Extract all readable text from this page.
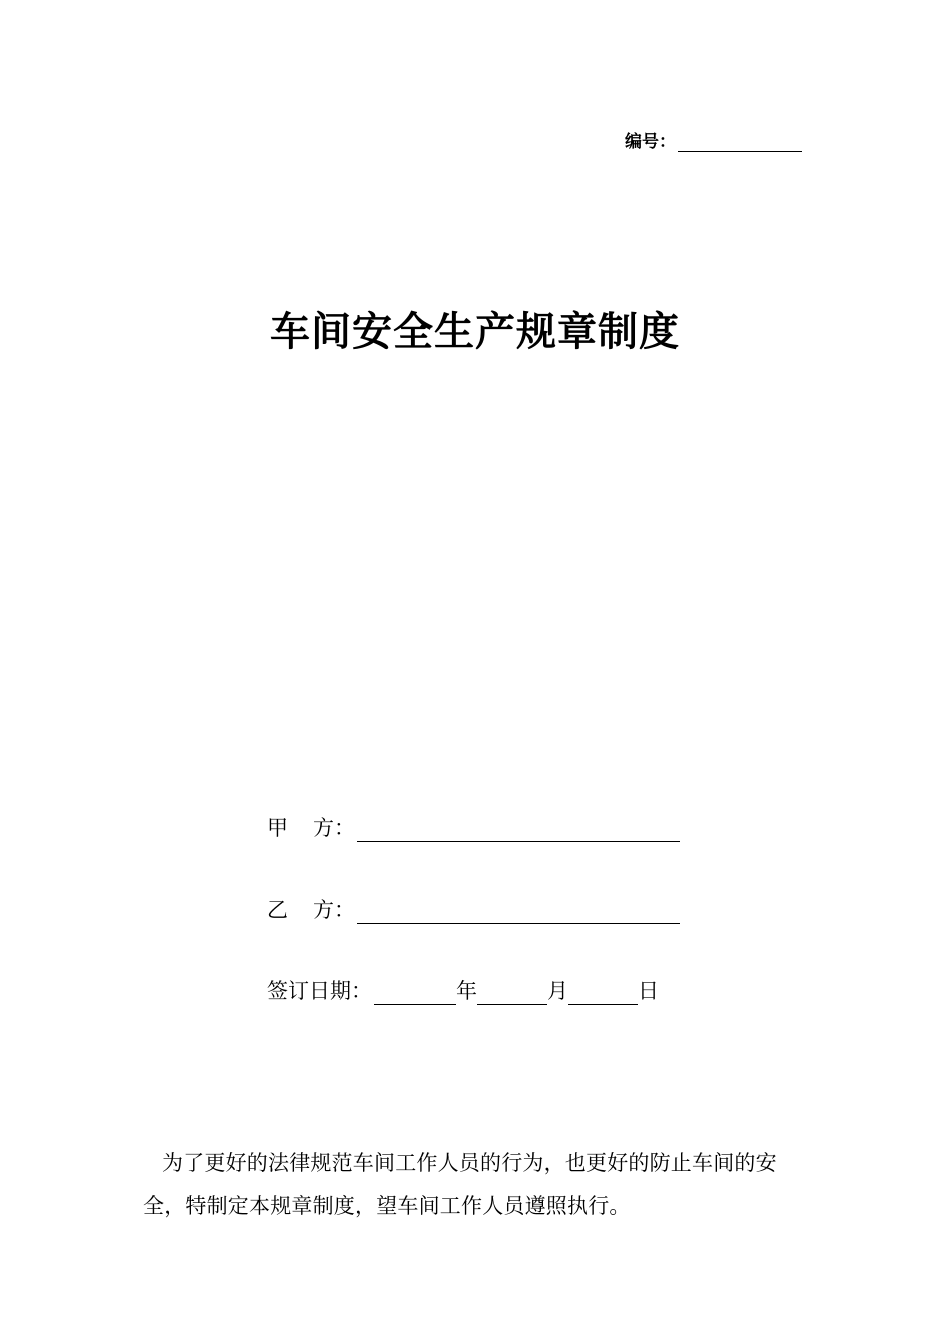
编号：
车间安全生产规章制度
甲	方：
乙	方：
签订日期：	年	月	日

为了更好的法律规范车间工作人员的行为，也更好的防止车间的安全，特制定本规章制度，望车间工作人员遵照执行。
